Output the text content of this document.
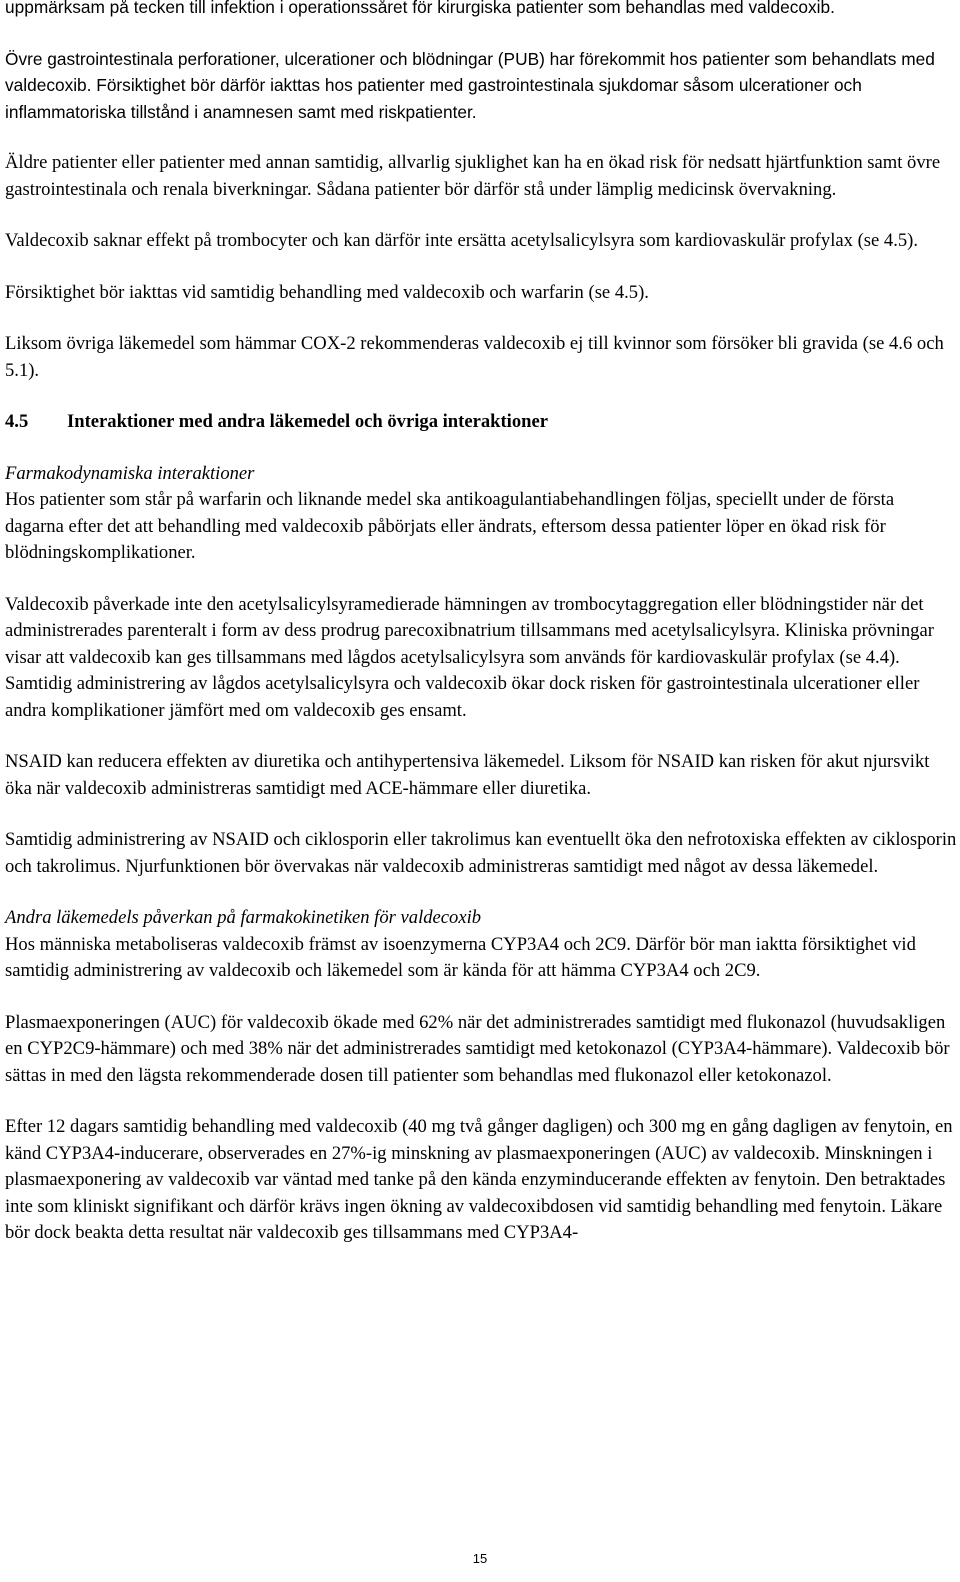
uppmärksam på tecken till infektion i operationssåret för kirurgiska patienter som behandlas med valdecoxib.

Övre gastrointestinala perforationer, ulcerationer och blödningar (PUB) har förekommit hos patienter som behandlats med valdecoxib. Försiktighet bör därför iakttas hos patienter med gastrointestinala sjukdomar såsom ulcerationer och inflammatoriska tillstånd i anamnesen samt med riskpatienter.

Äldre patienter eller patienter med annan samtidig, allvarlig sjuklighet kan ha en ökad risk för nedsatt hjärtfunktion samt övre gastrointestinala och renala biverkningar. Sådana patienter bör därför stå under lämplig medicinsk övervakning.

Valdecoxib saknar effekt på trombocyter och kan därför inte ersätta acetylsalicylsyra som kardiovaskulär profylax (se 4.5).

Försiktighet bör iakttas vid samtidig behandling med valdecoxib och warfarin (se 4.5).

Liksom övriga läkemedel som hämmar COX-2 rekommenderas valdecoxib ej till kvinnor som försöker bli gravida (se 4.6 och 5.1).

4.5	Interaktioner med andra läkemedel och övriga interaktioner

Farmakodynamiska interaktioner

Hos patienter som står på warfarin och liknande medel ska antikoagulantiabehandlingen följas, speciellt under de första dagarna efter det att behandling med valdecoxib påbörjats eller ändrats, eftersom dessa patienter löper en ökad risk för blödningskomplikationer.

Valdecoxib påverkade inte den acetylsalicylsyramedierade hämningen av trombocytaggregation eller blödningstider när det administrerades parenteralt i form av dess prodrug parecoxibnatrium tillsammans med acetylsalicylsyra. Kliniska prövningar visar att valdecoxib kan ges tillsammans med lågdos acetylsalicylsyra som används för kardiovaskulär profylax (se 4.4). Samtidig administrering av lågdos acetylsalicylsyra och valdecoxib ökar dock risken för gastrointestinala ulcerationer eller andra komplikationer jämfört med om valdecoxib ges ensamt.

NSAID kan reducera effekten av diuretika och antihypertensiva läkemedel. Liksom för NSAID kan risken för akut njursvikt öka när valdecoxib administreras samtidigt med ACE-hämmare eller diuretika.

Samtidig administrering av NSAID och ciklosporin eller takrolimus kan eventuellt öka den nefrotoxiska effekten av ciklosporin och takrolimus. Njurfunktionen bör övervakas när valdecoxib administreras samtidigt med något av dessa läkemedel.

Andra läkemedels påverkan på farmakokinetiken för valdecoxib

Hos människa metaboliseras valdecoxib främst av isoenzymerna CYP3A4 och 2C9. Därför bör man iaktta försiktighet vid samtidig administrering av valdecoxib och läkemedel som är kända för att hämma CYP3A4 och 2C9.

Plasmaexponeringen (AUC) för valdecoxib ökade med 62% när det administrerades samtidigt med flukonazol (huvudsakligen en CYP2C9-hämmare) och med 38% när det administrerades samtidigt med ketokonazol (CYP3A4-hämmare). Valdecoxib bör sättas in med den lägsta rekommenderade dosen till patienter som behandlas med flukonazol eller ketokonazol.

Efter 12 dagars samtidig behandling med valdecoxib (40 mg två gånger dagligen) och 300 mg en gång dagligen av fenytoin, en känd CYP3A4-inducerare, observerades en 27%-ig minskning av plasmaexponeringen (AUC) av valdecoxib. Minskningen i plasmaexponering av valdecoxib var väntad med tanke på den kända enzyminducerande effekten av fenytoin. Den betraktades inte som kliniskt signifikant och därför krävs ingen ökning av valdecoxibdosen vid samtidig behandling med fenytoin. Läkare bör dock beakta detta resultat när valdecoxib ges tillsammans med CYP3A4-

15
